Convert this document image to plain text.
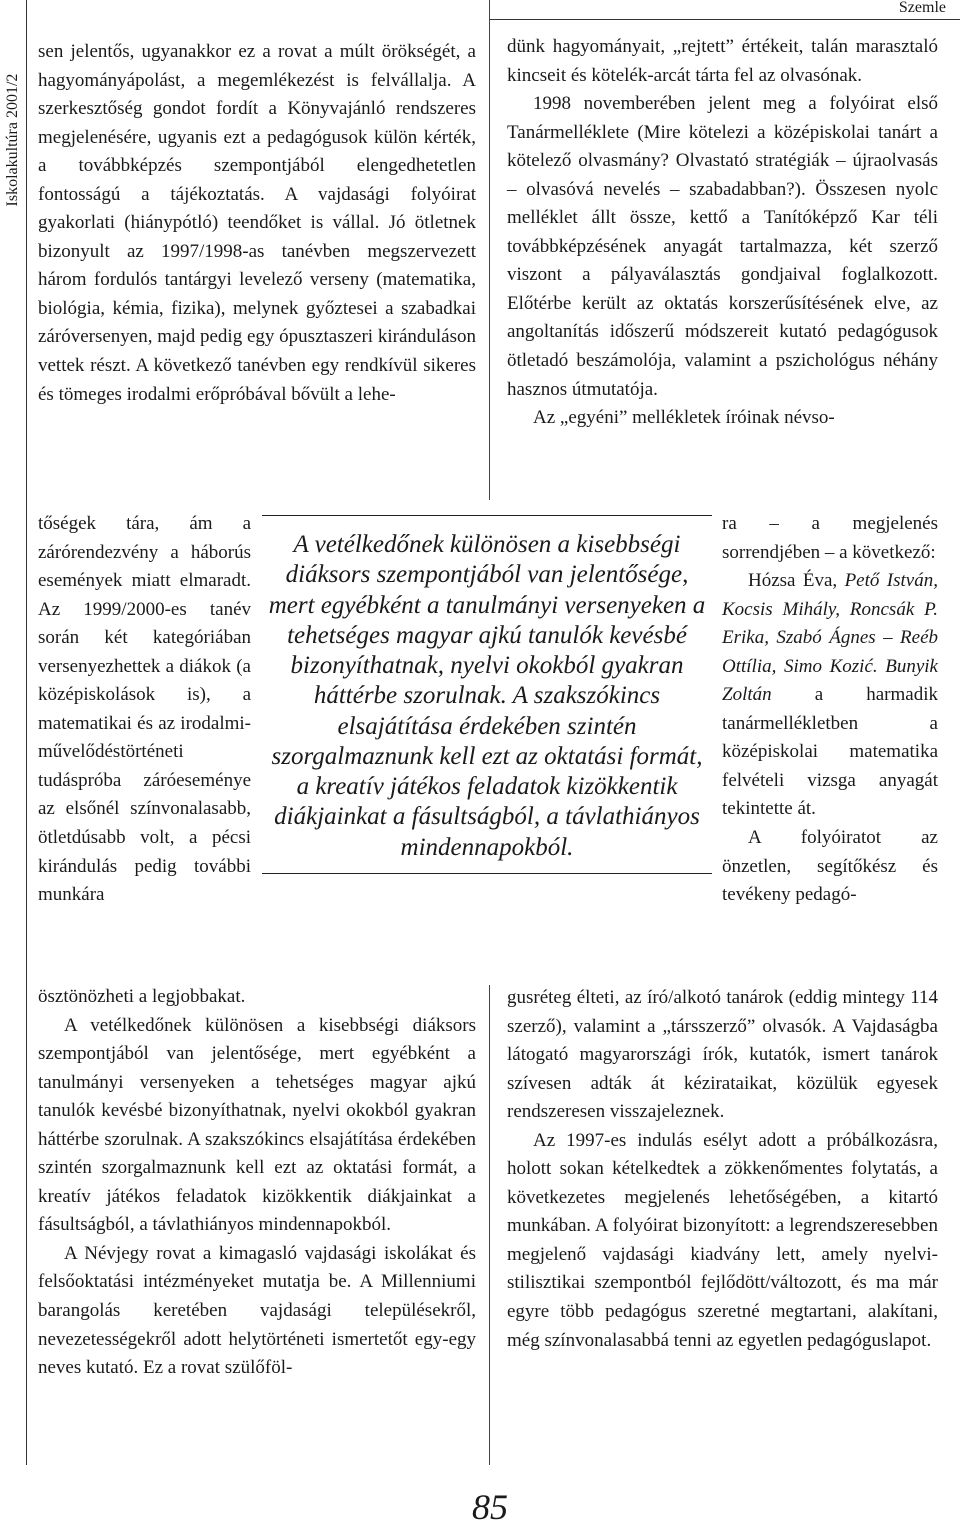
Iskolakultúra 2001/2
Szemle

sen jelentős, ugyanakkor ez a rovat a múlt örökségét, a hagyományápolást, a megemlékezést is felvállalja. A szerkesztőség gondot fordít a Könyvajánló rendszeres megjelenésére, ugyanis ezt a pedagógusok külön kérték, a továbbképzés szempontjából elengedhetetlen fontosságú a tájékoztatás. A vajdasági folyóirat gyakorlati (hiánypótló) teendőket is vállal. Jó ötletnek bizonyult az 1997/1998-as tanévben megszervezett három fordulós tantárgyi levelező verseny (matematika, biológia, kémia, fizika), melynek győztesei a szabadkai záróversenyen, majd pedig egy ópusztaszeri kiránduláson vettek részt. A következő tanévben egy rendkívül sikeres és tömeges irodalmi erőpróbával bővült a lehe-

tőségek tára, ám a zárórendezvény a háborús események miatt elmaradt. Az 1999/2000-es tanév során két kategóriában versenyezhettek a diákok (a középiskolások is), a matematikai és az irodalmi-művelődéstörténeti tudáspróba záróeseménye az elsőnél színvonalasabb, ötletdúsabb volt, a pécsi kirándulás pedig további munkára

ösztönözheti a legjobbakat.

A vetélkedőnek különösen a kisebbségi diáksors szempontjából van jelentősége, mert egyébként a tanulmányi versenyeken a tehetséges magyar ajkú tanulók kevésbé bizonyíthatnak, nyelvi okokból gyakran háttérbe szorulnak. A szakszókincs elsajátítása érdekében szintén szorgalmaznunk kell ezt az oktatási formát, a kreatív játékos feladatok kizökkentik diákjainkat a fásultságból, a távlathiányos mindennapokból.

A Névjegy rovat a kimagasló vajdasági iskolákat és felsőoktatási intézményeket mutatja be. A Millenniumi barangolás keretében vajdasági településekről, nevezetességekről adott helytörténeti ismertetőt egy-egy neves kutató. Ez a rovat szülőföl-

dünk hagyományait, „rejtett” értékeit, talán marasztaló kincseit és kötelék-arcát tárta fel az olvasónak.

1998 novemberében jelent meg a folyóirat első Tanármelléklete (Mire kötelezi a középiskolai tanárt a kötelező olvasmány? Olvastató stratégiák – újraolvasás – olvasóvá nevelés – szabadabban?). Összesen nyolc melléklet állt össze, kettő a Tanítóképző Kar téli továbbképzésének anyagát tartalmazza, két szerző viszont a pályaválasztás gondjaival foglalkozott. Előtérbe került az oktatás korszerűsítésének elve, az angoltanítás időszerű módszereit kutató pedagógusok ötletadó beszámolója, valamint a pszichológus néhány hasznos útmutatója.

Az „egyéni” mellékletek íróinak névso-

ra – a megjelenés sorrendjében – a következő:

Hózsa Éva, Pető István, Kocsis Mihály, Roncsák P. Erika, Szabó Ágnes – Reéb Ottília, Simo Kozić. Bunyik Zoltán a harmadik tanármellékletben a középiskolai matematika felvételi vizsga anyagát tekintette át.

A folyóiratot az önzetlen, segítőkész és tevékeny pedagó-

gusréteg élteti, az író/alkotó tanárok (eddig mintegy 114 szerző), valamint a „társszerző” olvasók. A Vajdaságba látogató magyarországi írók, kutatók, ismert tanárok szívesen adták át kézirataikat, közülük egyesek rendszeresen visszajeleznek.

Az 1997-es indulás esélyt adott a próbálkozásra, holott sokan kételkedtek a zökkenőmentes folytatás, a következetes megjelenés lehetőségében, a kitartó munkában. A folyóirat bizonyított: a legrendszeresebben megjelenő vajdasági kiadvány lett, amely nyelvi-stilisztikai szempontból fejlődött/változott, és ma már egyre több pedagógus szeretné megtartani, alakítani, még színvonalasabbá tenni az egyetlen pedagóguslapot.

A vetélkedőnek különösen a kisebbségi diáksors szempontjából van jelentősége, mert egyébként a tanulmányi versenyeken a tehetséges magyar ajkú tanulók kevésbé bizonyíthatnak, nyelvi okokból gyakran háttérbe szorulnak. A szakszókincs elsajátítása érdekében szintén szorgalmaznunk kell ezt az oktatási formát, a kreatív játékos feladatok kizökkentik diákjainkat a fásultságból, a távlathiányos mindennapokból.
85
